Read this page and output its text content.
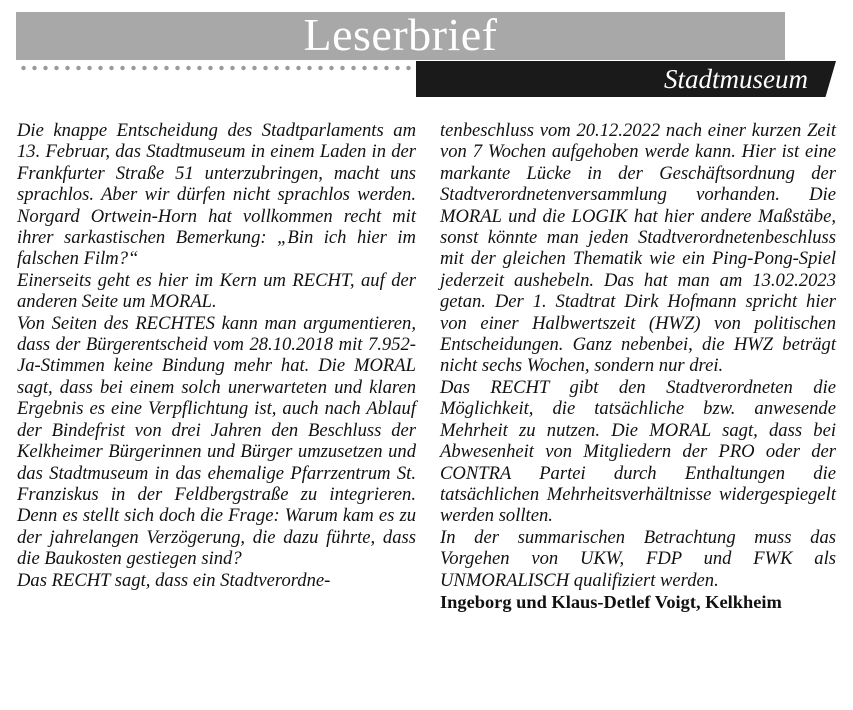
Leserbrief
Stadtmuseum

Die knappe Entscheidung des Stadtparlaments am 13. Februar, das Stadtmuseum in einem Laden in der Frankfurter Straße 51 unterzubringen, macht uns sprachlos. Aber wir dürfen nicht sprachlos werden. Norgard Ortwein-Horn hat vollkommen recht mit ihrer sarkastischen Bemerkung: „Bin ich hier im falschen Film?“

Einerseits geht es hier im Kern um RECHT, auf der anderen Seite um MORAL.

Von Seiten des RECHTES kann man argumentieren, dass der Bürgerentscheid vom 28.10.2018 mit 7.952-Ja-Stimmen keine Bindung mehr hat. Die MORAL sagt, dass bei einem solch unerwarteten und klaren Ergebnis es eine Verpflichtung ist, auch nach Ablauf der Bindefrist von drei Jahren den Beschluss der Kelkheimer Bürgerinnen und Bürger umzusetzen und das Stadtmuseum in das ehemalige Pfarrzentrum St. Franziskus in der Feldbergstraße zu integrieren. Denn es stellt sich doch die Frage: Warum kam es zu der jahrelangen Verzögerung, die dazu führte, dass die Baukosten gestiegen sind?

Das RECHT sagt, dass ein Stadtverordne-

tenbeschluss vom 20.12.2022 nach einer kurzen Zeit von 7 Wochen aufgehoben werde kann. Hier ist eine markante Lücke in der Geschäftsordnung der Stadtverordnetenversammlung vorhanden. Die MORAL und die LOGIK hat hier andere Maßstäbe, sonst könnte man jeden Stadtverordnetenbeschluss mit der gleichen Thematik wie ein Ping-Pong-Spiel jederzeit aushebeln. Das hat man am 13.02.2023 getan. Der 1. Stadtrat Dirk Hofmann spricht hier von einer Halbwertszeit (HWZ) von politischen Entscheidungen. Ganz nebenbei, die HWZ beträgt nicht sechs Wochen, sondern nur drei.

Das RECHT gibt den Stadtverordneten die Möglichkeit, die tatsächliche bzw. anwesende Mehrheit zu nutzen. Die MORAL sagt, dass bei Abwesenheit von Mitgliedern der PRO oder der CONTRA Partei durch Enthaltungen die tatsächlichen Mehrheitsverhältnisse widergespiegelt werden sollten.

In der summarischen Betrachtung muss das Vorgehen von UKW, FDP und FWK als UNMORALISCH qualifiziert werden.

Ingeborg und Klaus-Detlef Voigt, Kelkheim
